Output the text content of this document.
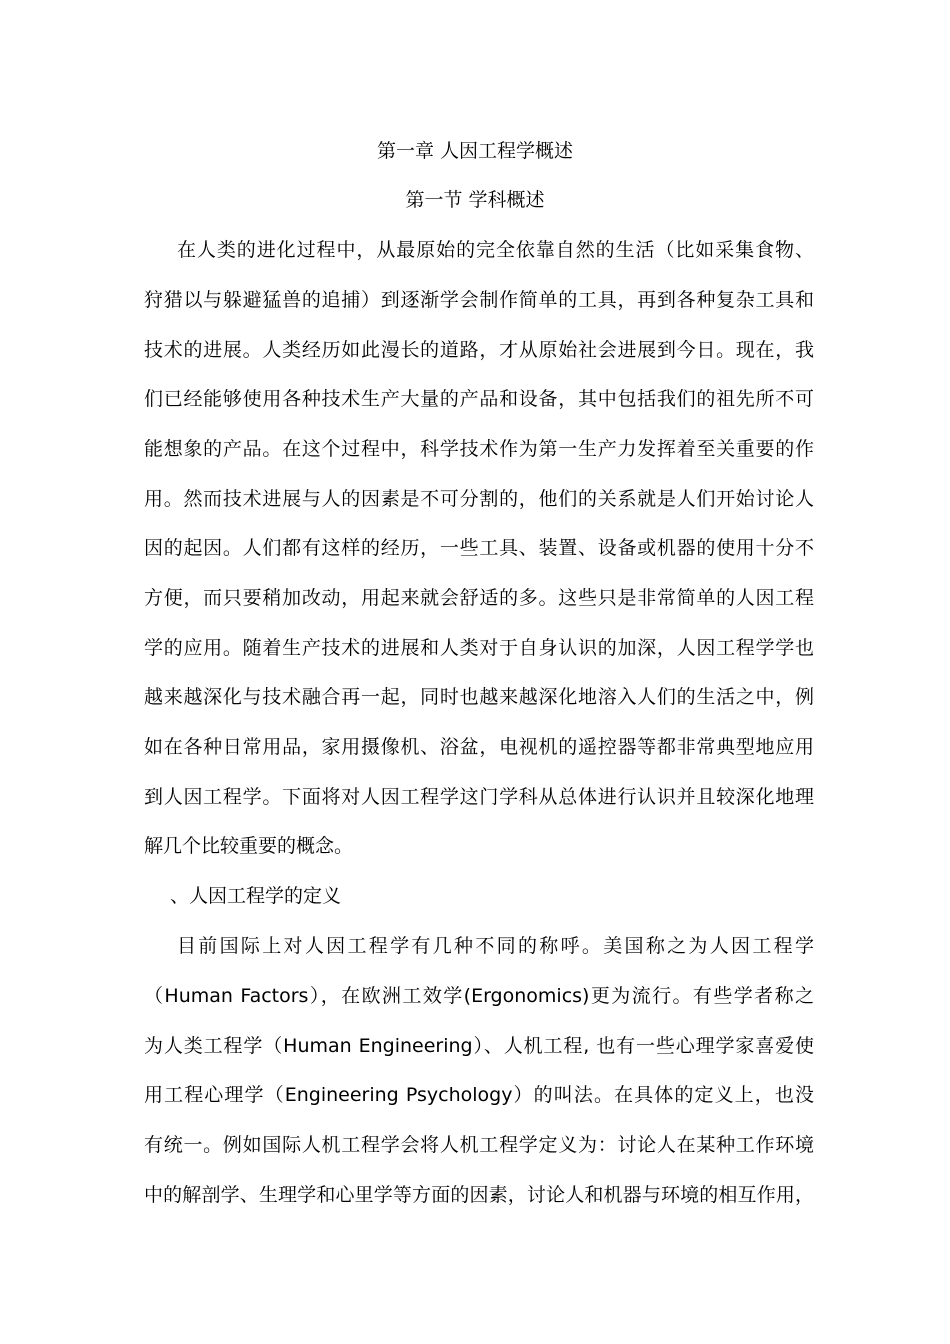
第一章 人因工程学概述
第一节 学科概述
在人类的进化过程中，从最原始的完全依靠自然的生活（比如采集食物、
狩猎以与躲避猛兽的追捕）到逐渐学会制作简单的工具，再到各种复杂工具和
技术的进展。人类经历如此漫长的道路，才从原始社会进展到今日。现在，我
们已经能够使用各种技术生产大量的产品和设备，其中包括我们的祖先所不可
能想象的产品。在这个过程中，科学技术作为第一生产力发挥着至关重要的作
用。然而技术进展与人的因素是不可分割的，他们的关系就是人们开始讨论人
因的起因。人们都有这样的经历，一些工具、装置、设备或机器的使用十分不
方便，而只要稍加改动，用起来就会舒适的多。这些只是非常简单的人因工程
学的应用。随着生产技术的进展和人类对于自身认识的加深，人因工程学学也
越来越深化与技术融合再一起，同时也越来越深化地溶入人们的生活之中，例
如在各种日常用品，家用摄像机、浴盆，电视机的遥控器等都非常典型地应用
到人因工程学。下面将对人因工程学这门学科从总体进行认识并且较深化地理
解几个比较重要的概念。
、人因工程学的定义
目前国际上对人因工程学有几种不同的称呼。美国称之为人因工程学
（Human Factors），在欧洲工效学(Ergonomics)更为流行。有些学者称之
为人类工程学（Human Engineering）、人机工程, 也有一些心理学家喜爱使
用工程心理学（Engineering Psychology）的叫法。在具体的定义上，也没
有统一。例如国际人机工程学会将人机工程学定义为：讨论人在某种工作环境
中的解剖学、生理学和心里学等方面的因素，讨论人和机器与环境的相互作用，
